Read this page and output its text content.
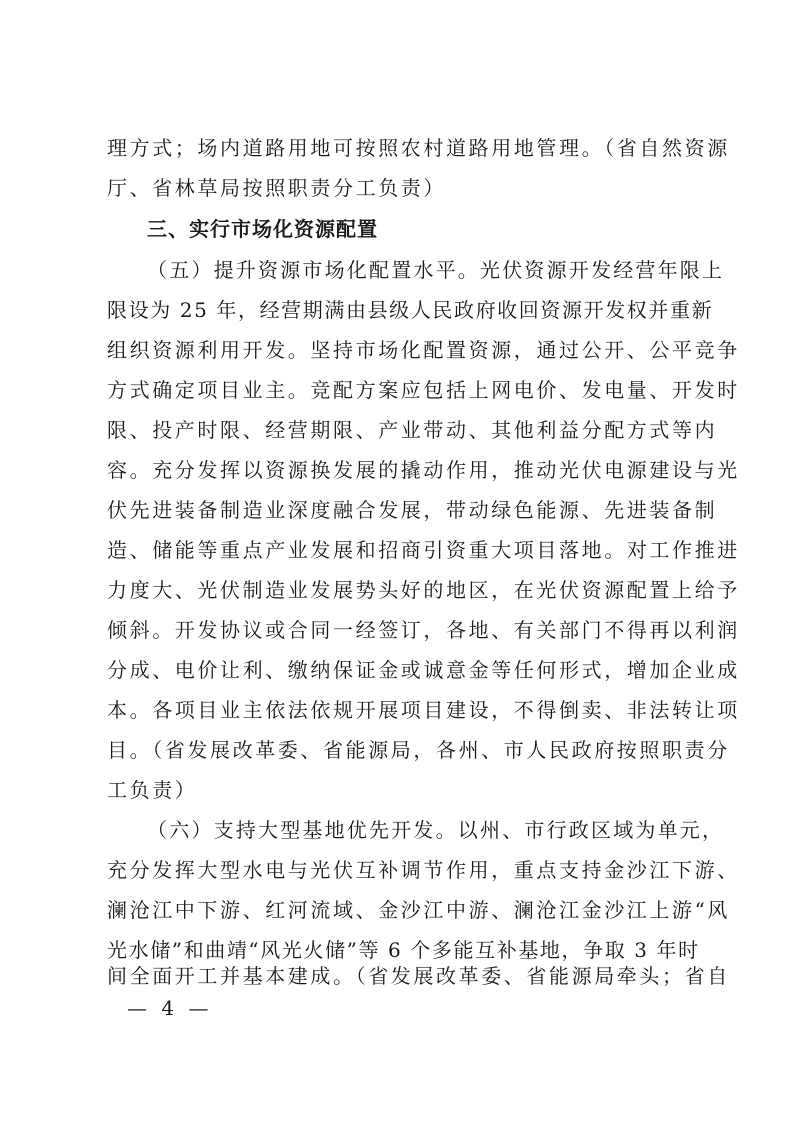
理方式；场内道路用地可按照农村道路用地管理。（省自然资源
厅、省林草局按照职责分工负责）
三、实行市场化资源配置
（五）提升资源市场化配置水平。光伏资源开发经营年限上
限设为 25 年，经营期满由县级人民政府收回资源开发权并重新
组织资源利用开发。坚持市场化配置资源，通过公开、公平竞争
方式确定项目业主。竞配方案应包括上网电价、发电量、开发时
限、投产时限、经营期限、产业带动、其他利益分配方式等内
容。充分发挥以资源换发展的撬动作用，推动光伏电源建设与光
伏先进装备制造业深度融合发展，带动绿色能源、先进装备制
造、储能等重点产业发展和招商引资重大项目落地。对工作推进
力度大、光伏制造业发展势头好的地区，在光伏资源配置上给予
倾斜。开发协议或合同一经签订，各地、有关部门不得再以利润
分成、电价让利、缴纳保证金或诚意金等任何形式，增加企业成
本。各项目业主依法依规开展项目建设，不得倒卖、非法转让项
目。（省发展改革委、省能源局，各州、市人民政府按照职责分
工负责）
（六）支持大型基地优先开发。以州、市行政区域为单元，
充分发挥大型水电与光伏互补调节作用，重点支持金沙江下游、
澜沧江中下游、红河流域、金沙江中游、澜沧江金沙江上游“风
光水储”和曲靖“风光火储”等 6 个多能互补基地，争取 3 年时
间全面开工并基本建成。（省发展改革委、省能源局牵头；省自
— 4 —
